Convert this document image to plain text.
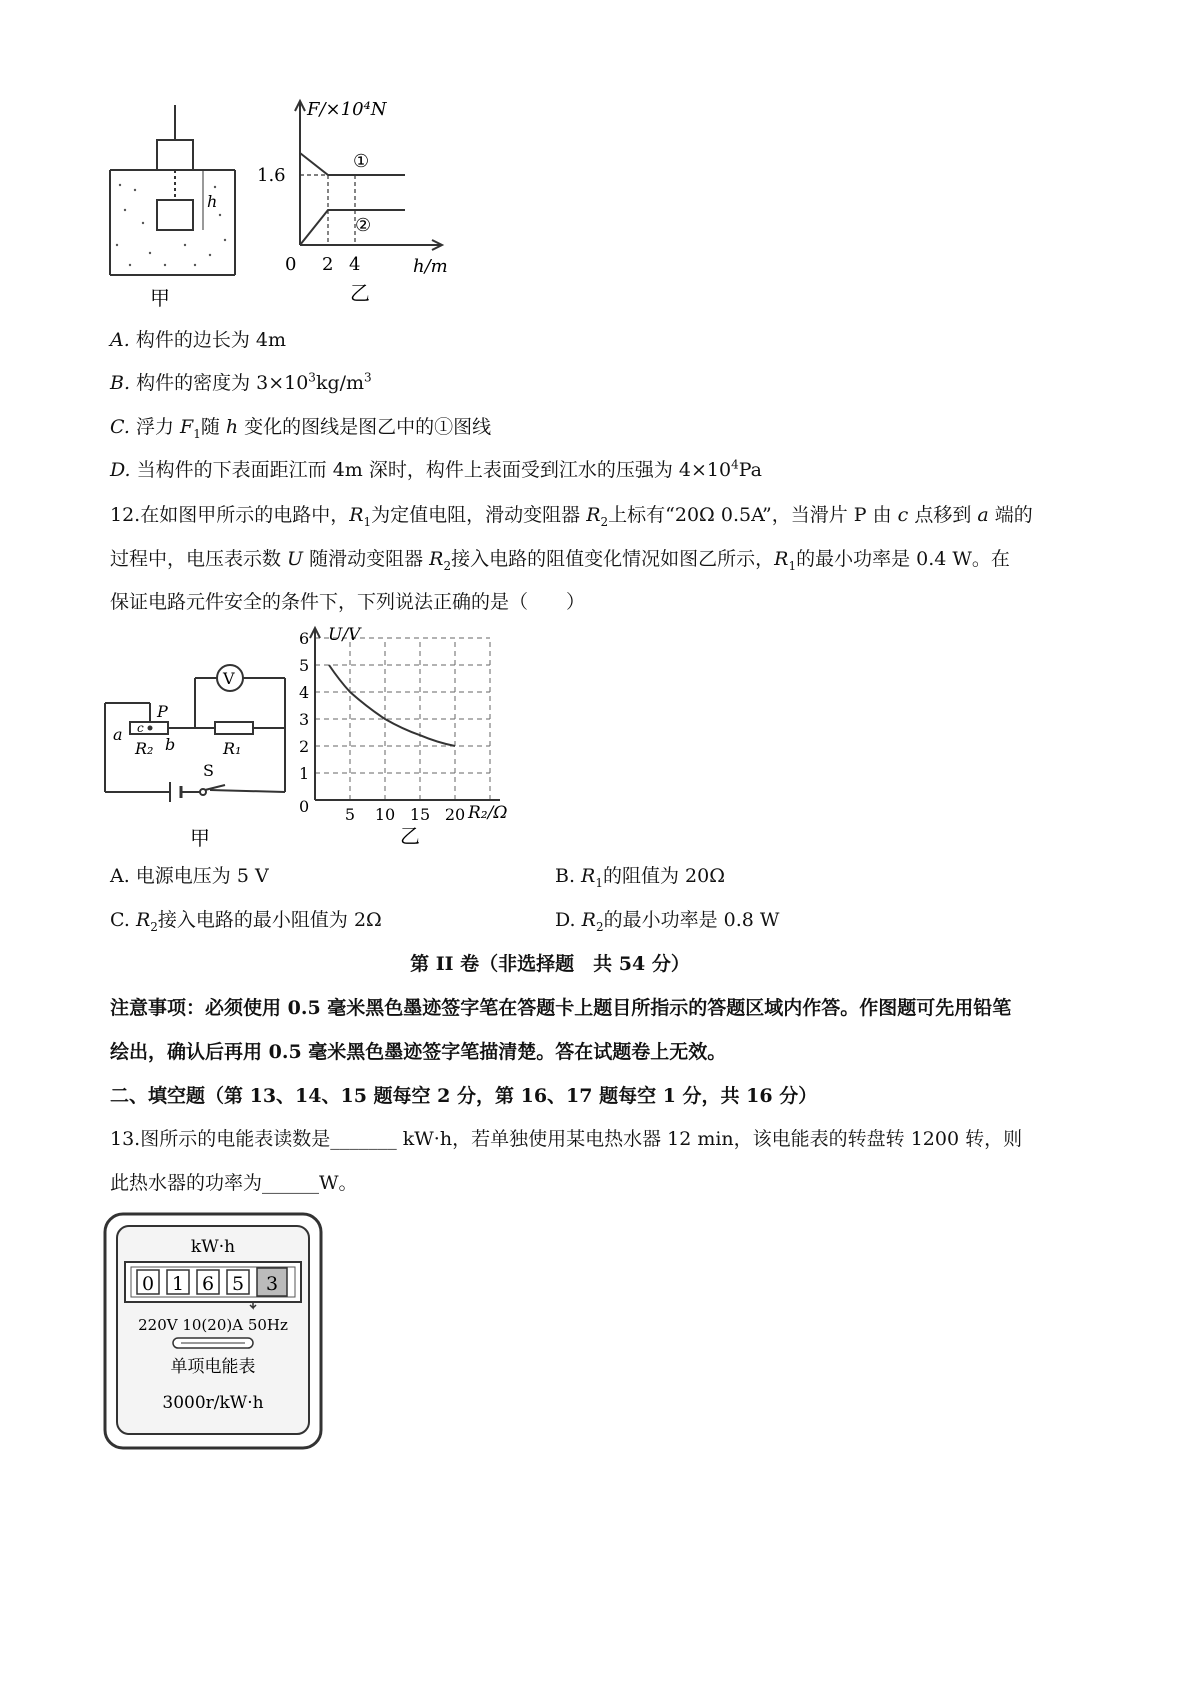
h
甲
F/×10⁴N
1.6
①
②
0 2 4	h/m
乙
A. 构件的边长为 4m
B. 构件的密度为 $3\times 10^3kg/m^3$
C. 浮力 $F_1$随 h 变化的图线是图乙中的①图线
D. 当构件的下表面距江而 4m 深时，构件上表面受到江水的压强为 $4\times 10^4Pa$
12.在如图甲所示的电路中，$R_1$为定值电阻，滑动变阻器 $R_2$上标有“20Ω 0.5A”，当滑片 P 由 c 点移到 a 端的
过程中，电压表示数 U 随滑动变阻器 $R_2$接入电路的阻值变化情况如图乙所示，$R_1$的最小功率是 0.4 W。在
保证电路元件安全的条件下，下列说法正确的是（　　）
V
P
c
a
b
R₂	R₁
S
甲
0
1
2
3
4
5
6
5 10 15 20
U/V
R₂/Ω
乙
A. 电源电压为 5 V	B. $R_1$的阻值为 20Ω
C. $R_2$接入电路的最小阻值为 2Ω	D. $R_2$的最小功率是 0.8 W
第 II 卷（非选择题　共 54 分）
注意事项：必须使用 0.5 毫米黑色墨迹签字笔在答题卡上题目所指示的答题区域内作答。作图题可先用铅笔
绘出，确认后再用 0.5 毫米黑色墨迹签字笔描清楚。答在试题卷上无效。
二、填空题（第 13、14、15 题每空 2 分，第 16、17 题每空 1 分，共 16 分）
13.图所示的电能表读数是_______ kW·h，若单独使用某电热水器 12 min，该电能表的转盘转 1200 转，则
此热水器的功率为______W。
kW·h
0 1 6 5 3
220V 10(20)A 50Hz
单项电能表
3000r/kW·h
